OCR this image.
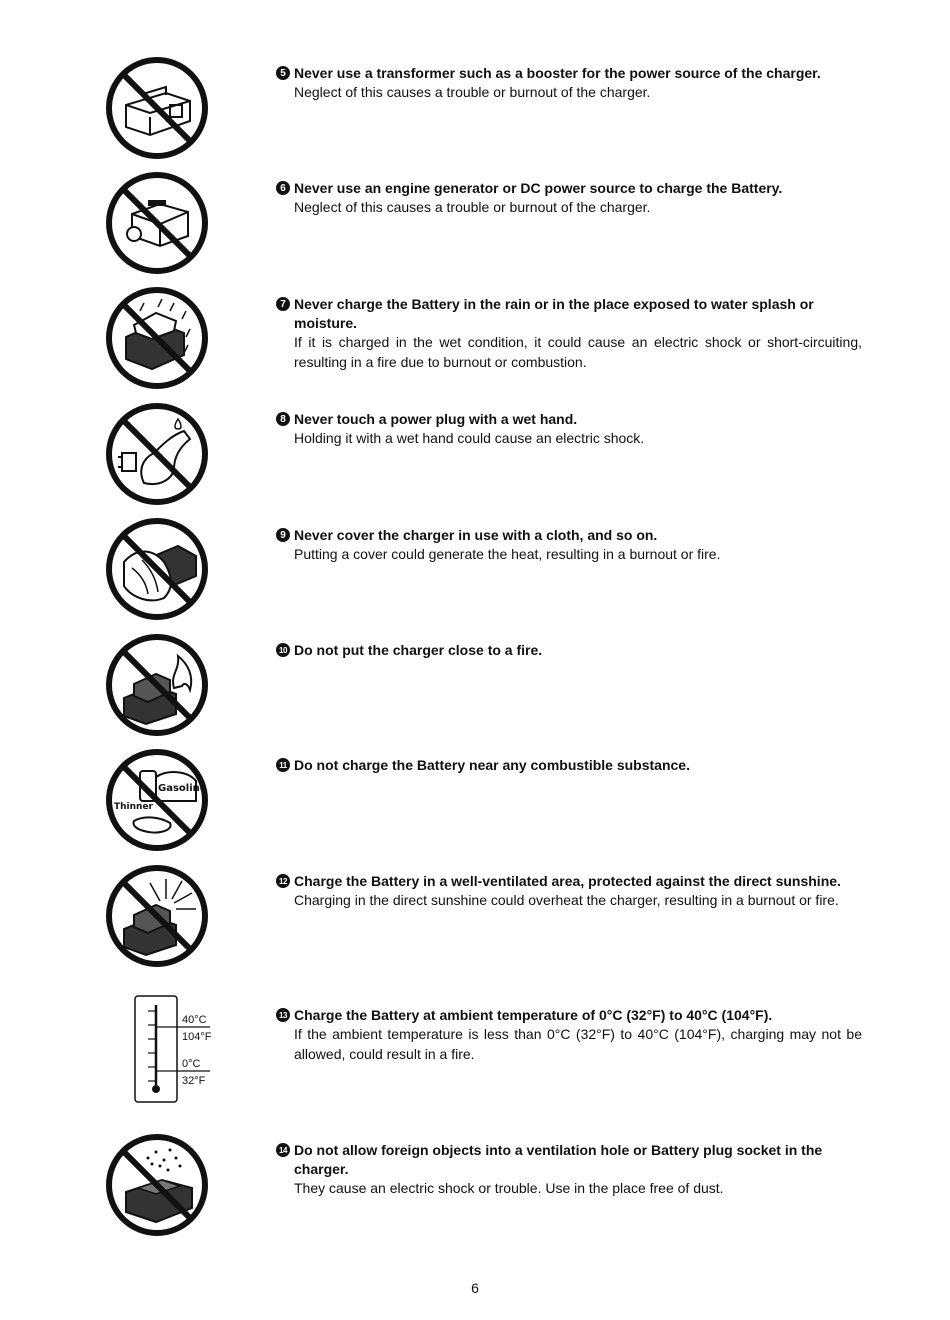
Thinner
Gasoline
40°C
104°F
0°C
32°F
5 Never use a transformer such as a booster for the power source of the charger.
Neglect of this causes a trouble or burnout of the charger.
6 Never use an engine generator or DC power source to charge the Battery.
Neglect of this causes a trouble or burnout of the charger.
7 Never charge the Battery in the rain or in the place exposed to water splash or moisture.
If it is charged in the wet condition, it could cause an electric shock or short-circuiting, resulting in a fire due to burnout or combustion.
8 Never touch a power plug with a wet hand.
Holding it with a wet hand could cause an electric shock.
9 Never cover the charger in use with a cloth, and so on.
Putting a cover could generate the heat, resulting in a burnout or fire.
10 Do not put the charger close to a fire.
11 Do not charge the Battery near any combustible substance.
12 Charge the Battery in a well-ventilated area, protected against the direct sunshine.
Charging in the direct sunshine could overheat the charger, resulting in a burnout or fire.
13 Charge the Battery at ambient temperature of 0°C (32°F) to 40°C (104°F).
If the ambient temperature is less than 0°C (32°F) to 40°C (104°F), charging may not be allowed, could result in a fire.
14 Do not allow foreign objects into a ventilation hole or Battery plug socket in the charger.
They cause an electric shock or trouble. Use in the place free of dust.
6
